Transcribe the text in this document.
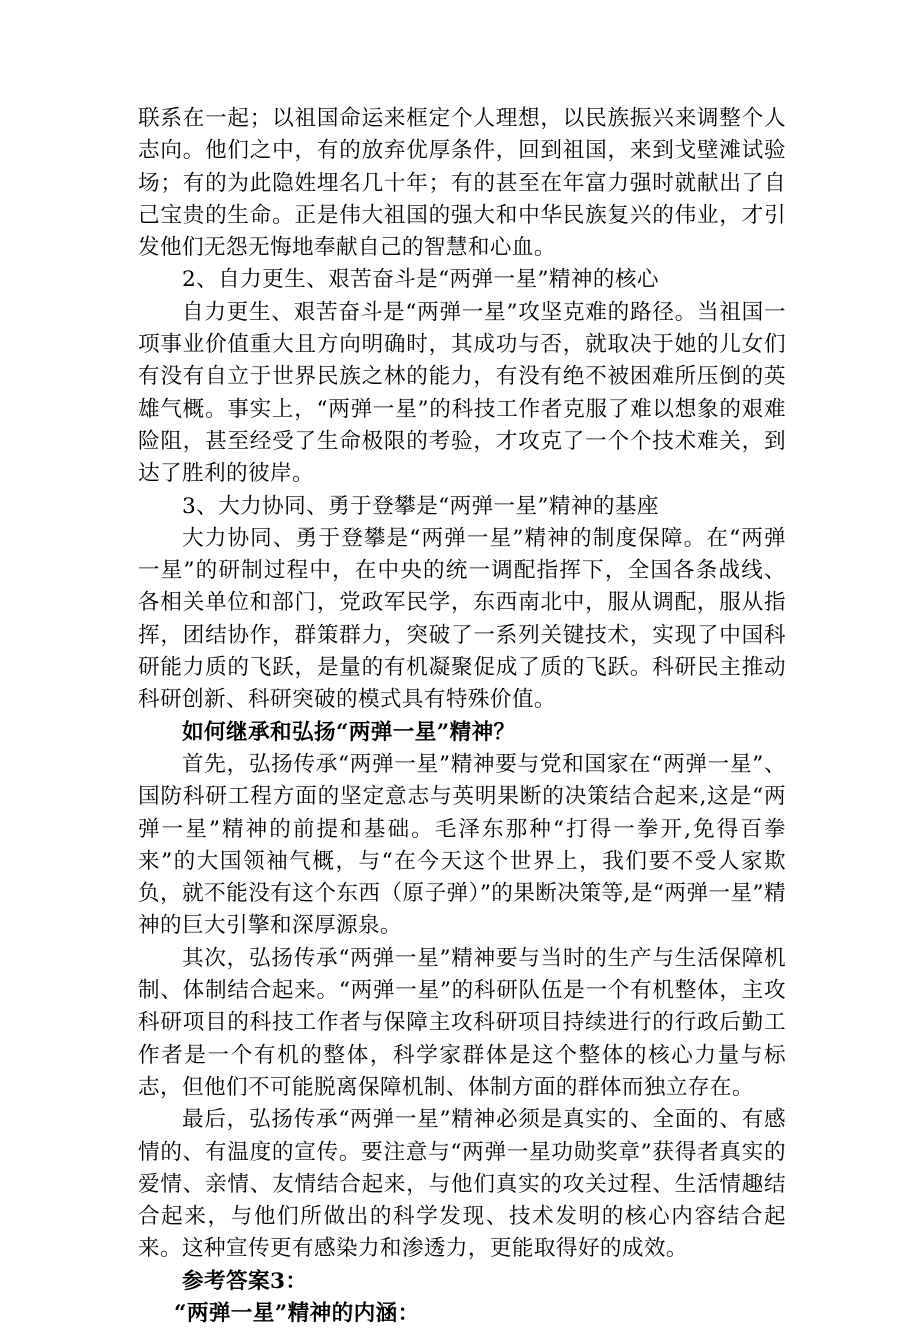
联系在一起；以祖国命运来框定个人理想，以民族振兴来调整个人志向。他们之中，有的放弃优厚条件，回到祖国，来到戈壁滩试验场；有的为此隐姓埋名几十年；有的甚至在年富力强时就献出了自己宝贵的生命。正是伟大祖国的强大和中华民族复兴的伟业，才引发他们无怨无悔地奉献自己的智慧和心血。

2、自力更生、艰苦奋斗是“两弹一星”精神的核心

自力更生、艰苦奋斗是“两弹一星”攻坚克难的路径。当祖国一项事业价值重大且方向明确时，其成功与否，就取决于她的儿女们有没有自立于世界民族之林的能力，有没有绝不被困难所压倒的英雄气概。事实上，“两弹一星”的科技工作者克服了难以想象的艰难险阻，甚至经受了生命极限的考验，才攻克了一个个技术难关，到达了胜利的彼岸。

3、大力协同、勇于登攀是“两弹一星”精神的基座

大力协同、勇于登攀是“两弹一星”精神的制度保障。在“两弹一星”的研制过程中，在中央的统一调配指挥下，全国各条战线、各相关单位和部门，党政军民学，东西南北中，服从调配，服从指挥，团结协作，群策群力，突破了一系列关键技术，实现了中国科研能力质的飞跃，是量的有机凝聚促成了质的飞跃。科研民主推动科研创新、科研突破的模式具有特殊价值。

如何继承和弘扬“两弹一星”精神？

首先，弘扬传承“两弹一星”精神要与党和国家在“两弹一星”、国防科研工程方面的坚定意志与英明果断的决策结合起来,这是“两弹一星”精神的前提和基础。毛泽东那种“打得一拳开,免得百拳来”的大国领袖气概，与“在今天这个世界上，我们要不受人家欺负，就不能没有这个东西（原子弹）”的果断决策等,是“两弹一星”精神的巨大引擎和深厚源泉。

其次，弘扬传承“两弹一星”精神要与当时的生产与生活保障机制、体制结合起来。“两弹一星”的科研队伍是一个有机整体，主攻科研项目的科技工作者与保障主攻科研项目持续进行的行政后勤工作者是一个有机的整体，科学家群体是这个整体的核心力量与标志，但他们不可能脱离保障机制、体制方面的群体而独立存在。

最后，弘扬传承“两弹一星”精神必须是真实的、全面的、有感情的、有温度的宣传。要注意与“两弹一星功勋奖章”获得者真实的爱情、亲情、友情结合起来，与他们真实的攻关过程、生活情趣结合起来，与他们所做出的科学发现、技术发明的核心内容结合起来。这种宣传更有感染力和渗透力，更能取得好的成效。

参考答案3：

“两弹一星”精神的内涵：
